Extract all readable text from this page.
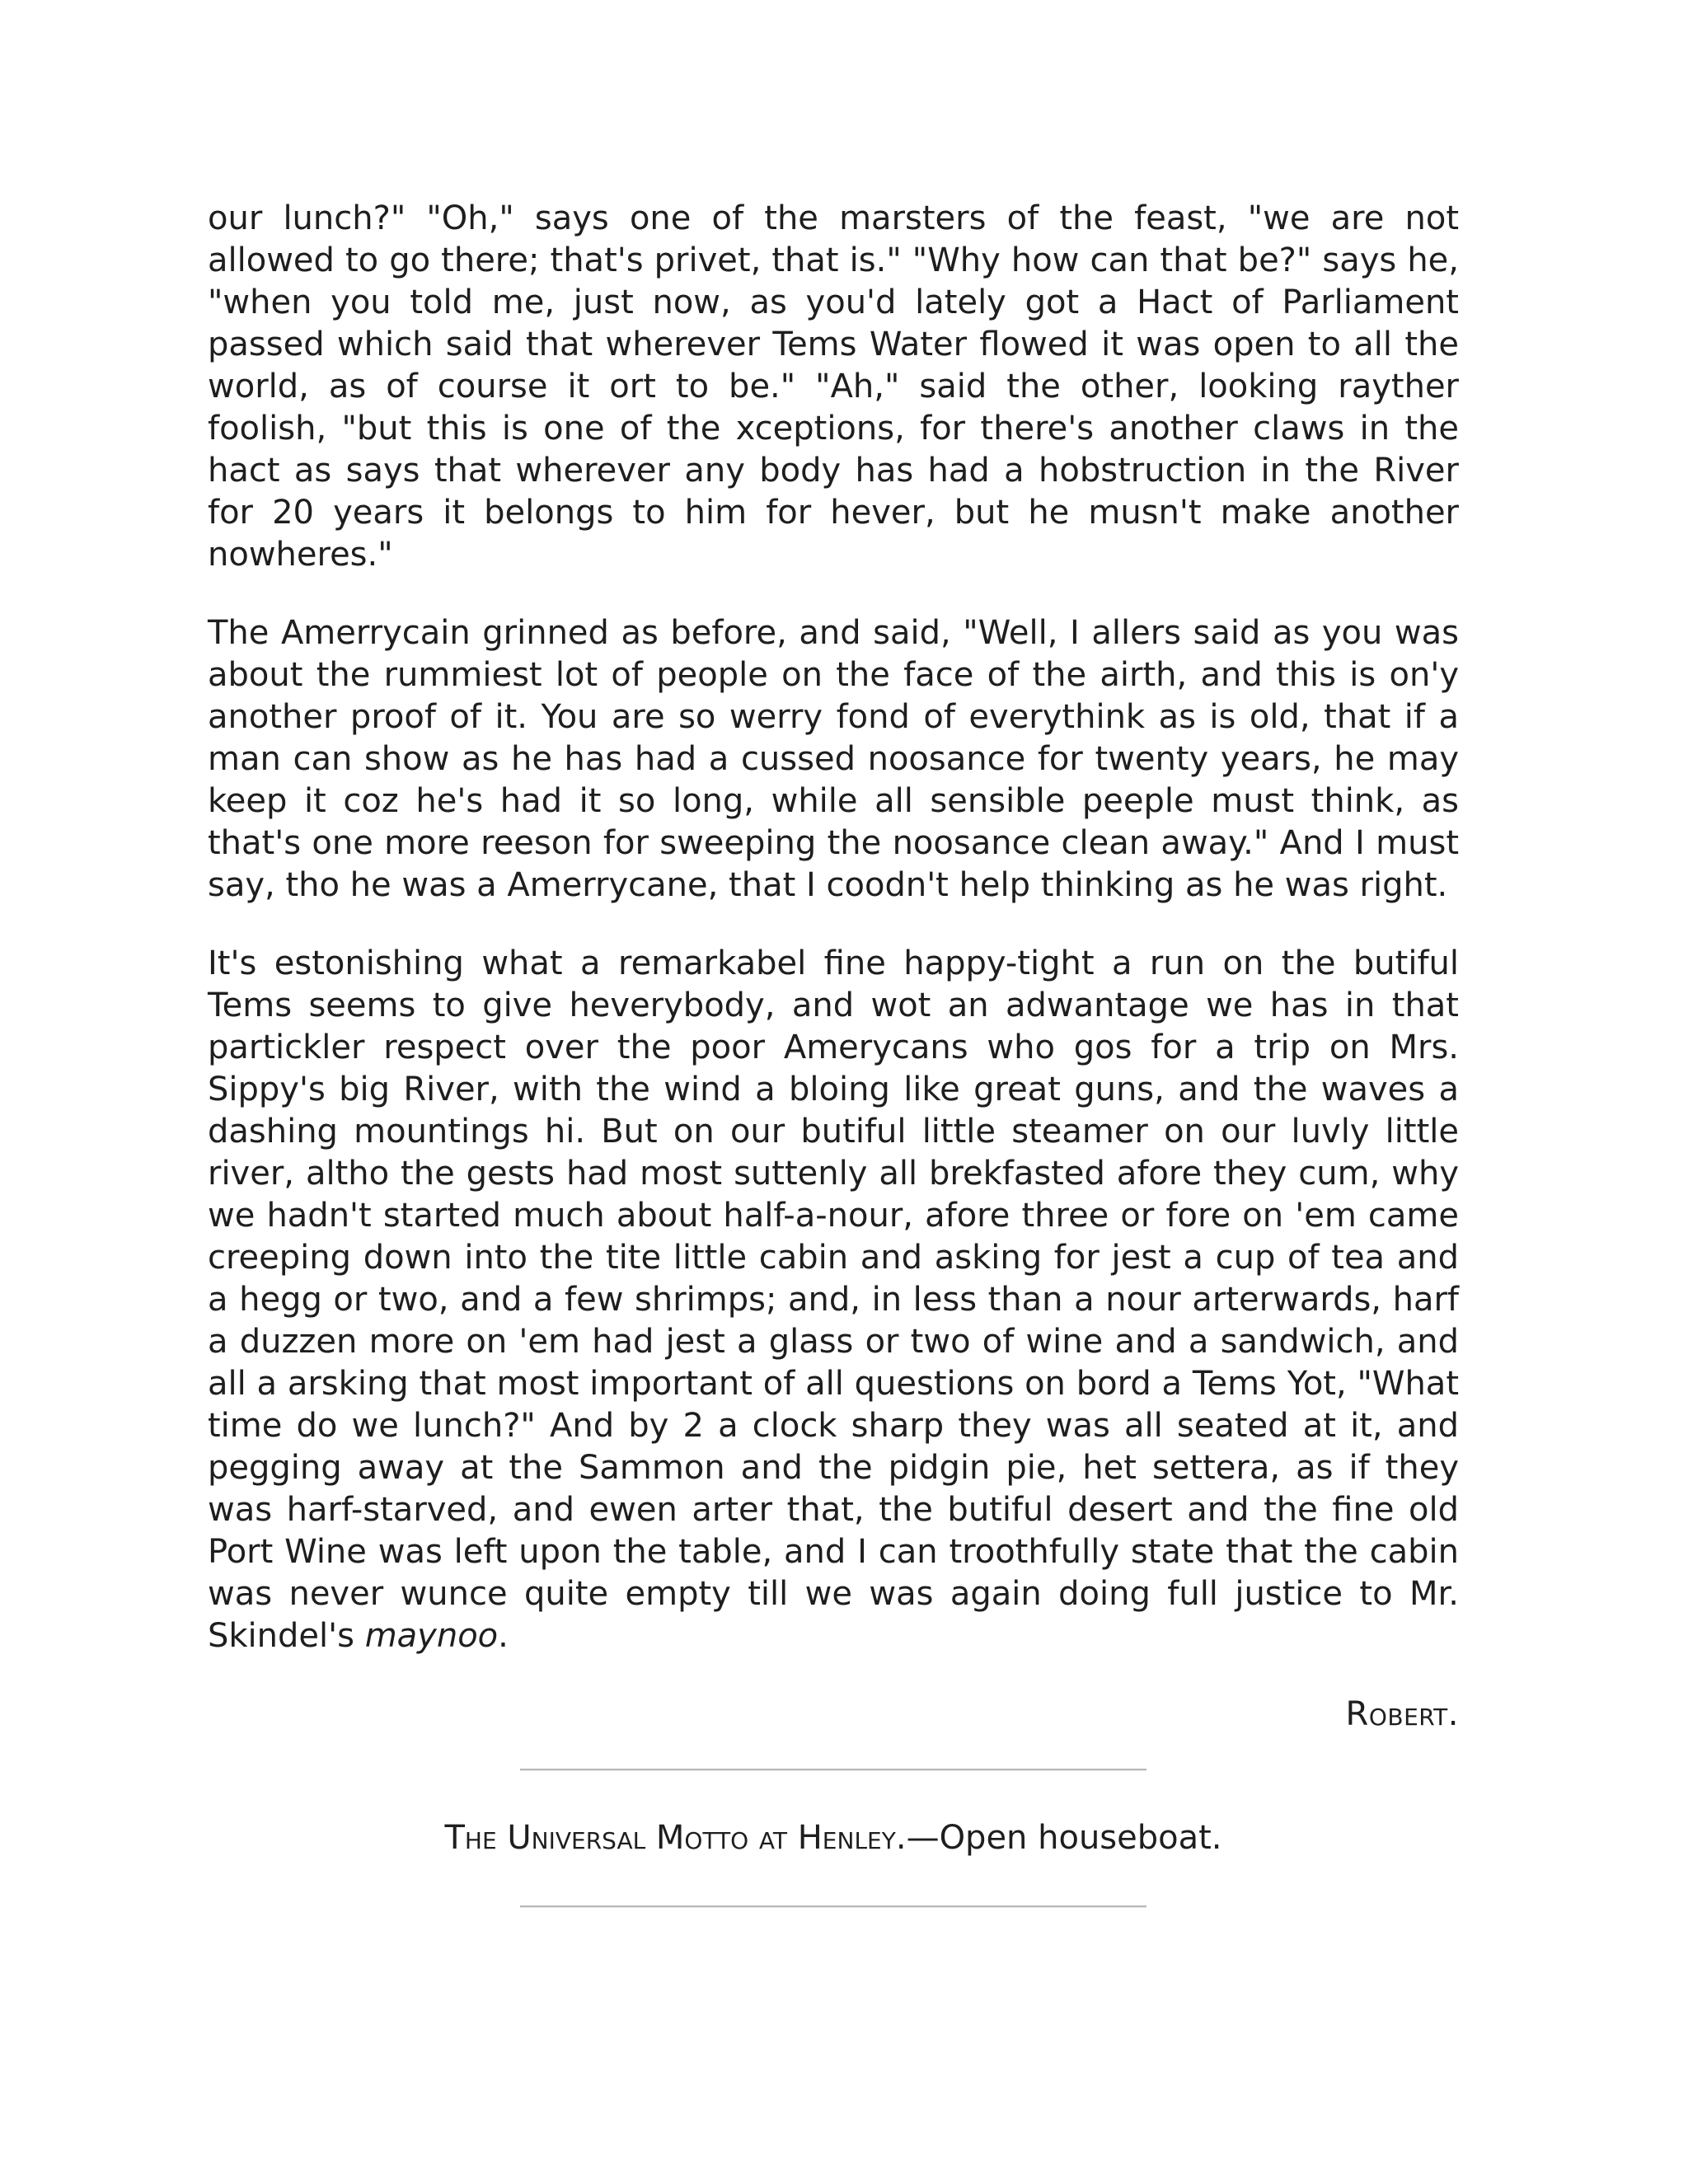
our lunch?" "Oh," says one of the marsters of the feast, "we are not allowed to go there; that's privet, that is." "Why how can that be?" says he, "when you told me, just now, as you'd lately got a Hact of Parliament passed which said that wherever Tems Water flowed it was open to all the world, as of course it ort to be." "Ah," said the other, looking rayther foolish, "but this is one of the xceptions, for there's another claws in the hact as says that wherever any body has had a hobstruction in the River for 20 years it belongs to him for hever, but he musn't make another nowheres."

The Amerrycain grinned as before, and said, "Well, I allers said as you was about the rummiest lot of people on the face of the airth, and this is on'y another proof of it. You are so werry fond of everythink as is old, that if a man can show as he has had a cussed noosance for twenty years, he may keep it coz he's had it so long, while all sensible peeple must think, as that's one more reeson for sweeping the noosance clean away." And I must say, tho he was a Amerrycane, that I coodn't help thinking as he was right.

It's estonishing what a remarkabel fine happy-tight a run on the butiful Tems seems to give heverybody, and wot an adwantage we has in that partickler respect over the poor Amerycans who gos for a trip on Mrs. Sippy's big River, with the wind a bloing like great guns, and the waves a dashing mountings hi. But on our butiful little steamer on our luvly little river, altho the gests had most suttenly all brekfasted afore they cum, why we hadn't started much about half-a-nour, afore three or fore on 'em came creeping down into the tite little cabin and asking for jest a cup of tea and a hegg or two, and a few shrimps; and, in less than a nour arterwards, harf a duzzen more on 'em had jest a glass or two of wine and a sandwich, and all a arsking that most important of all questions on bord a Tems Yot, "What time do we lunch?" And by 2 a clock sharp they was all seated at it, and pegging away at the Sammon and the pidgin pie, het settera, as if they was harf-starved, and ewen arter that, the butiful desert and the fine old Port Wine was left upon the table, and I can troothfully state that the cabin was never wunce quite empty till we was again doing full justice to Mr. Skindel's maynoo.

Robert.

The Universal Motto at Henley.—Open houseboat.
